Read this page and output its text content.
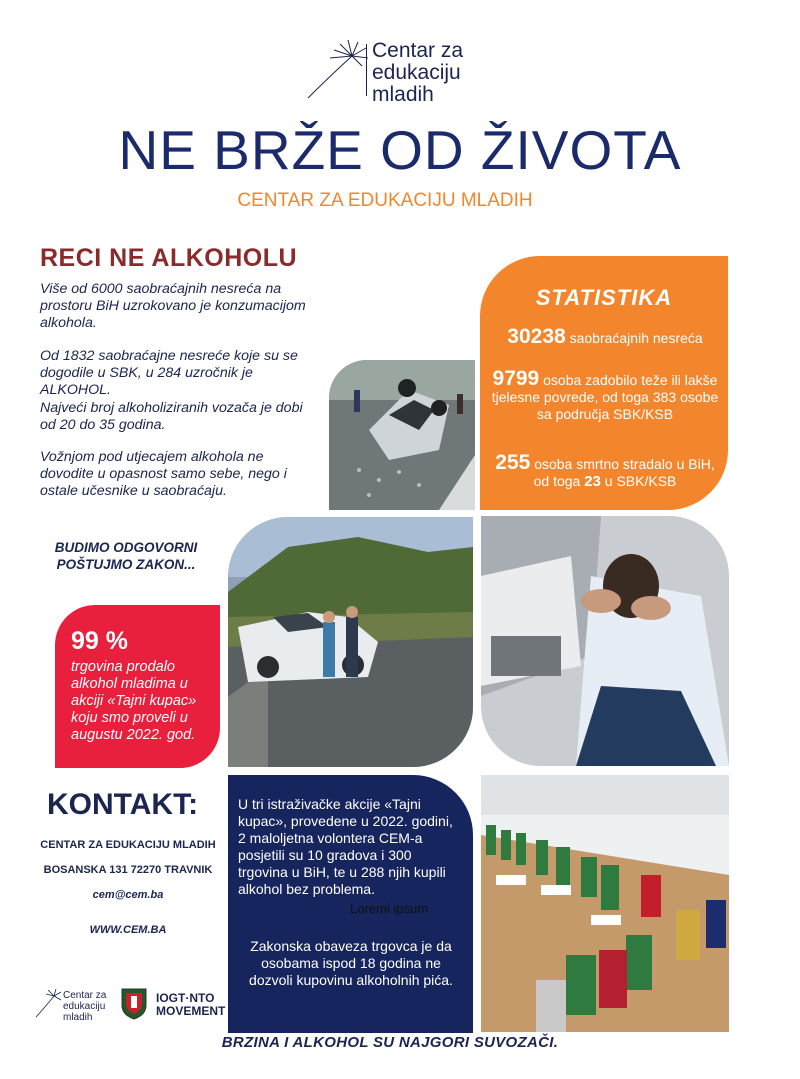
Centar za
edukaciju
mladih
NE BRŽE OD ŽIVOTA
CENTAR ZA EDUKACIJU MLADIH
RECI NE ALKOHOLU
Više od 6000 saobraćajnih nesreća na prostoru BiH uzrokovano je konzumacijom alkohola.
Od 1832 saobraćajne nesreće koje su se dogodile u SBK, u 284 uzročnik je ALKOHOL.
Najveći broj alkoholiziranih vozača je dobi od 20 do 35 godina.
Vožnjom pod utjecajem alkohola ne dovodite u opasnost samo sebe, nego i ostale učesnike u saobraćaju.
STATISTIKA
30238 saobraćajnih nesreća
9799 osoba zadobilo teže ili lakše tjelesne povrede, od toga 383 osobe sa područja SBK/KSB
255 osoba smrtno stradalo u BiH, od toga 23 u SBK/KSB
BUDIMO ODGOVORNI
POŠTUJMO ZAKON...
99 %
trgovina prodalo alkohol mladima u akciji «Tajni kupac» koju smo proveli u augustu 2022. god.
KONTAKT:
CENTAR ZA EDUKACIJU MLADIH
BOSANSKA 131 72270 TRAVNIK
cem@cem.ba
WWW.CEM.BA
U tri istraživačke akcije «Tajni kupac», provedene u 2022. godini, 2 maloljetna volontera CEM-a posjetili su 10 gradova i 300 trgovina u BiH, te u 288 njih kupili alkohol bez problema.
Loremi ipsum
Zakonska obaveza trgovca je da osobama ispod 18 godina ne dozvoli kupovinu alkoholnih pića.
Centar za
edukaciju
mladih
IOGT·NTO
MOVEMENT
BRZINA I ALKOHOL SU NAJGORI SUVOZAČI.
